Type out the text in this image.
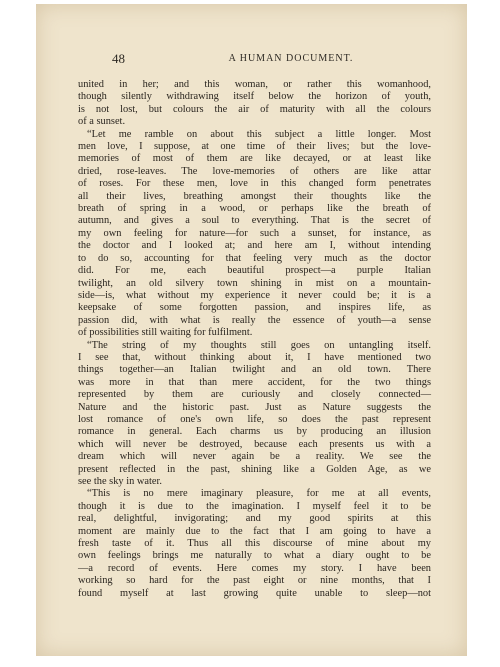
48	A HUMAN DOCUMENT.
united in her; and this woman, or rather this womanhood,
though silently withdrawing itself below the horizon of youth,
is not lost, but colours the air of maturity with all the colours
of a sunset.
“Let me ramble on about this subject a little longer. Most
men love, I suppose, at one time of their lives; but the love-
memories of most of them are like decayed, or at least like
dried, rose-leaves. The love-memories of others are like attar
of roses. For these men, love in this changed form penetrates
all their lives, breathing amongst their thoughts like the
breath of spring in a wood, or perhaps like the breath of
autumn, and gives a soul to everything. That is the secret of
my own feeling for nature—for such a sunset, for instance, as
the doctor and I looked at; and here am I, without intending
to do so, accounting for that feeling very much as the doctor
did. For me, each beautiful prospect—a purple Italian
twilight, an old silvery town shining in mist on a mountain-
side—is, what without my experience it never could be; it is a
keepsake of some forgotten passion, and inspires life, as
passion did, with what is really the essence of youth—a sense
of possibilities still waiting for fulfilment.
“The string of my thoughts still goes on untangling itself.
I see that, without thinking about it, I have mentioned two
things together—an Italian twilight and an old town. There
was more in that than mere accident, for the two things
represented by them are curiously and closely connected—
Nature and the historic past. Just as Nature suggests the
lost romance of one's own life, so does the past represent
romance in general. Each charms us by producing an illusion
which will never be destroyed, because each presents us with a
dream which will never again be a reality. We see the
present reflected in the past, shining like a Golden Age, as we
see the sky in water.
“This is no mere imaginary pleasure, for me at all events,
though it is due to the imagination. I myself feel it to be
real, delightful, invigorating; and my good spirits at this
moment are mainly due to the fact that I am going to have a
fresh taste of it. Thus all this discourse of mine about my
own feelings brings me naturally to what a diary ought to be
—a record of events. Here comes my story. I have been
working so hard for the past eight or nine months, that I
found myself at last growing quite unable to sleep—not
